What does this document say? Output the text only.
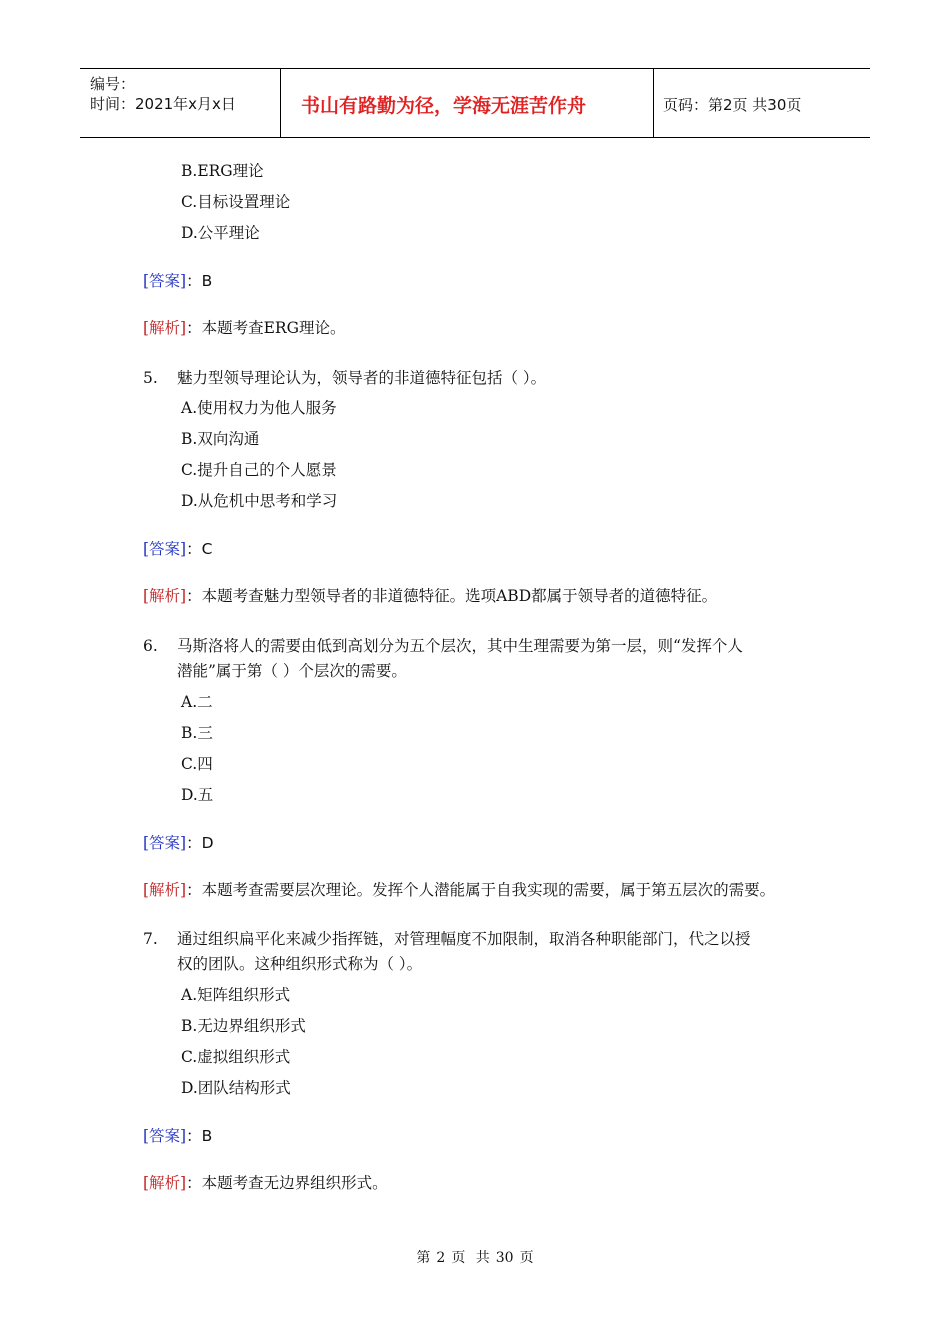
编号：
时间：2021年x月x日	书山有路勤为径，学海无涯苦作舟	页码：第2页 共30页
B.ERG理论
C.目标设置理论
D.公平理论
[答案]：B
[解析]：本题考查ERG理论。
5. 魅力型领导理论认为，领导者的非道德特征包括（ ）。
A.使用权力为他人服务
B.双向沟通
C.提升自己的个人愿景
D.从危机中思考和学习
[答案]：C
[解析]：本题考查魅力型领导者的非道德特征。选项ABD都属于领导者的道德特征。
6. 马斯洛将人的需要由低到高划分为五个层次，其中生理需要为第一层，则“发挥个人
潜能”属于第（ ）个层次的需要。
A.二
B.三
C.四
D.五
[答案]：D
[解析]：本题考查需要层次理论。发挥个人潜能属于自我实现的需要，属于第五层次的需要。
7. 通过组织扁平化来减少指挥链，对管理幅度不加限制，取消各种职能部门，代之以授
权的团队。这种组织形式称为（ ）。
A.矩阵组织形式
B.无边界组织形式
C.虚拟组织形式
D.团队结构形式
[答案]：B
[解析]：本题考查无边界组织形式。
第 2 页 共 30 页
